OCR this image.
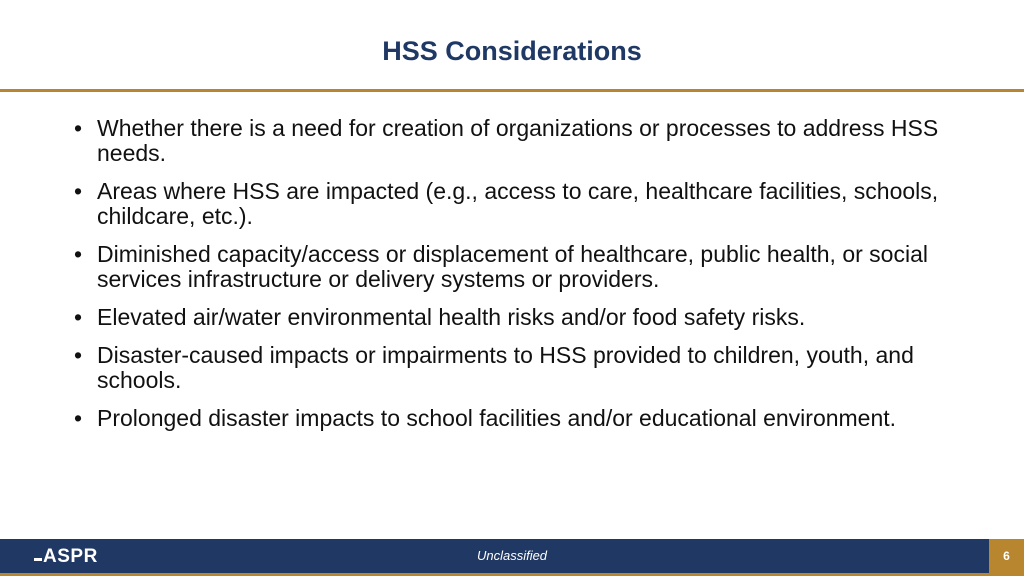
HSS Considerations
• Whether there is a need for creation of organizations or processes to address HSS needs.
• Areas where HSS are impacted (e.g., access to care, healthcare facilities, schools, childcare, etc.).
• Diminished capacity/access or displacement of healthcare, public health, or social services infrastructure or delivery systems or providers.
• Elevated air/water environmental health risks and/or food safety risks.
• Disaster-caused impacts or impairments to HSS provided to children, youth, and schools.
• Prolonged disaster impacts to school facilities and/or educational environment.
ASPR	Unclassified	6
